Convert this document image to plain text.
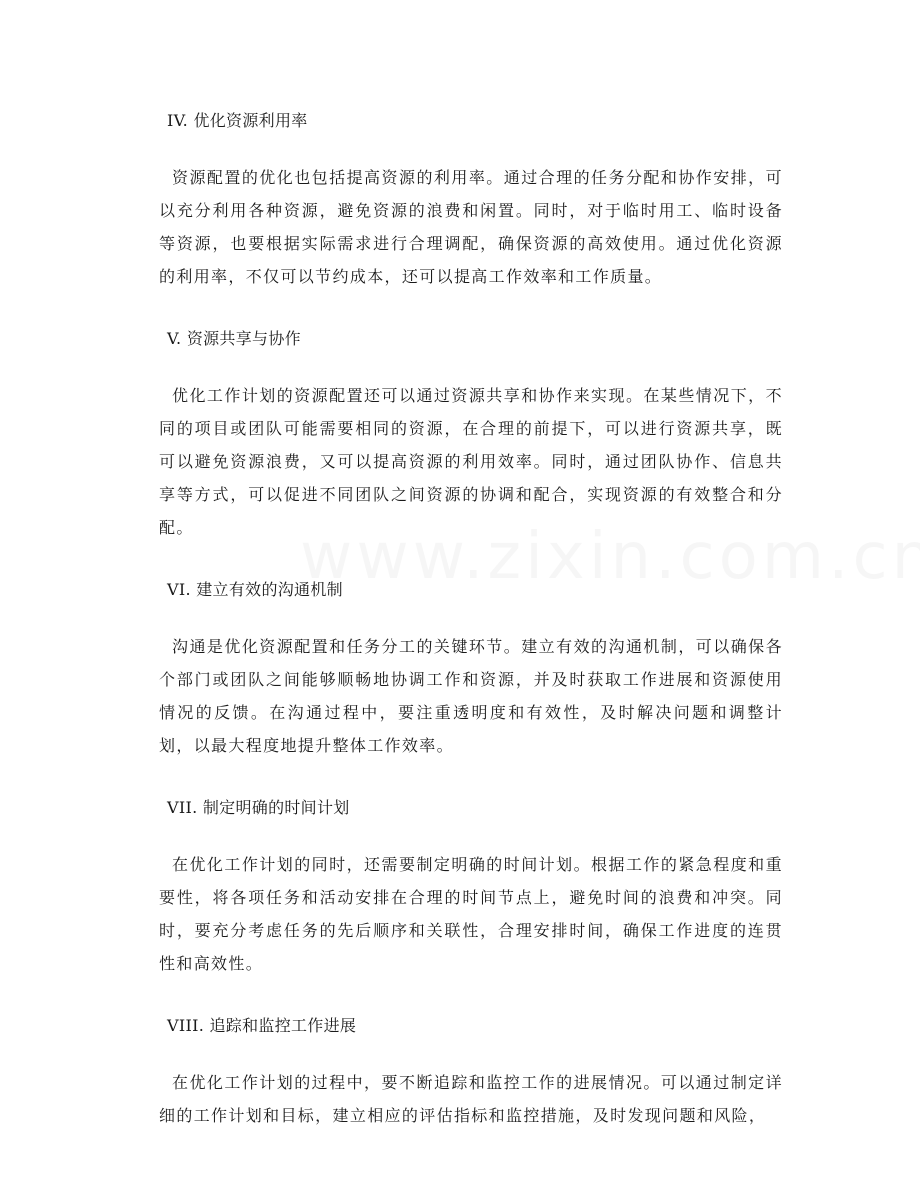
IV. 优化资源利用率

资源配置的优化也包括提高资源的利用率。通过合理的任务分配和协作安排，可以充分利用各种资源，避免资源的浪费和闲置。同时，对于临时用工、临时设备等资源，也要根据实际需求进行合理调配，确保资源的高效使用。通过优化资源的利用率，不仅可以节约成本，还可以提高工作效率和工作质量。

V. 资源共享与协作

优化工作计划的资源配置还可以通过资源共享和协作来实现。在某些情况下，不同的项目或团队可能需要相同的资源，在合理的前提下，可以进行资源共享，既可以避免资源浪费，又可以提高资源的利用效率。同时，通过团队协作、信息共享等方式，可以促进不同团队之间资源的协调和配合，实现资源的有效整合和分配。

VI. 建立有效的沟通机制

沟通是优化资源配置和任务分工的关键环节。建立有效的沟通机制，可以确保各个部门或团队之间能够顺畅地协调工作和资源，并及时获取工作进展和资源使用情况的反馈。在沟通过程中，要注重透明度和有效性，及时解决问题和调整计划，以最大程度地提升整体工作效率。

VII. 制定明确的时间计划

在优化工作计划的同时，还需要制定明确的时间计划。根据工作的紧急程度和重要性，将各项任务和活动安排在合理的时间节点上，避免时间的浪费和冲突。同时，要充分考虑任务的先后顺序和关联性，合理安排时间，确保工作进度的连贯性和高效性。

VIII. 追踪和监控工作进展

在优化工作计划的过程中，要不断追踪和监控工作的进展情况。可以通过制定详细的工作计划和目标，建立相应的评估指标和监控措施，及时发现问题和风险，
